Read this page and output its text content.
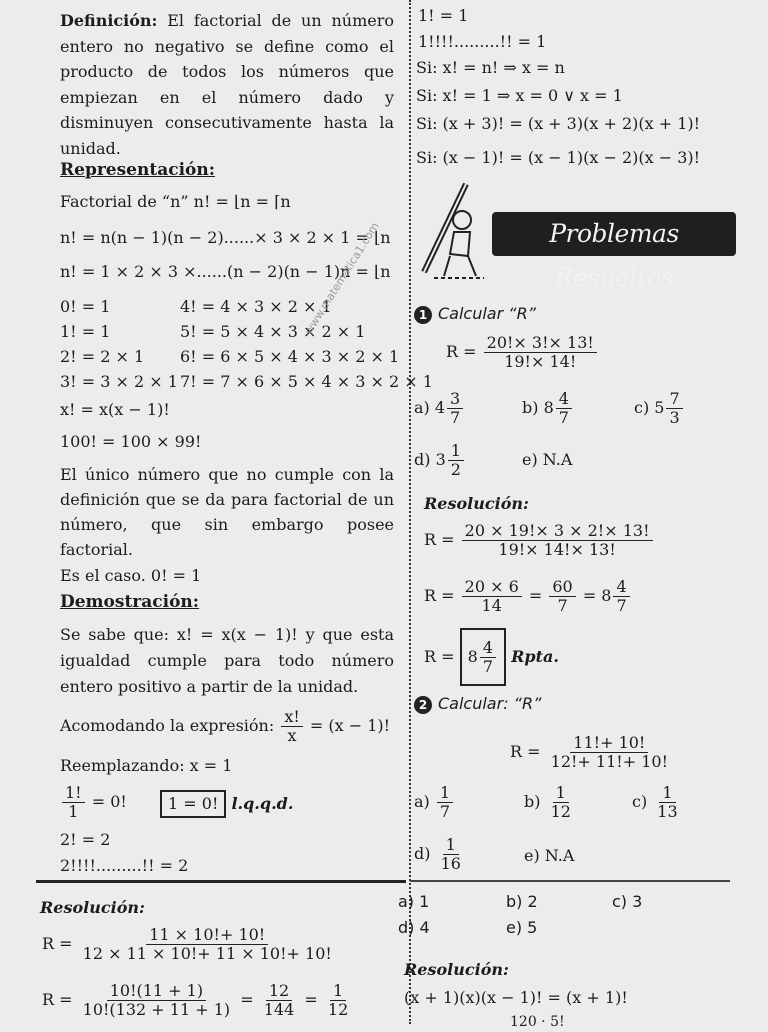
Definición: El factorial de un número entero no negativo se define como el producto de todos los números que empiezan en el número dado y disminuyen consecutivamente hasta la
unidad.
Representación:
Factorial de “n” n! = ⌊n = ⌈n
n! = n(n − 1)(n − 2)......× 3 × 2 × 1 = ⌊n
n! = 1 × 2 × 3 ×......(n − 2)(n − 1)n = ⌊n
0! = 1
1! = 1
2! = 2 × 1
3! = 3 × 2 × 1
4! = 4 × 3 × 2 × 1
5! = 5 × 4 × 3 × 2 × 1
6! = 6 × 5 × 4 × 3 × 2 × 1
7! = 7 × 6 × 5 × 4 × 3 × 2 × 1
x! = x(x − 1)!
100! = 100 × 99!
El único número que no cumple con la definición que se da para factorial de un número, que sin embargo posee
factorial.
Es el caso. 0! = 1
Demostración:
Se sabe que: x! = x(x − 1)! y que esta igualdad cumple para todo número
entero positivo a partir de la unidad.
Acomodando la expresión: $\frac{x!}{x} = (x - 1)$!
Reemplazando: x = 1
$\frac{1!}{1} = 0$!	1 = 0! l.q.q.d.
2! = 2
2!!!!.........!! = 2
www.matematica1.com
1! = 1
1!!!!.........!! = 1
Si: x! = n! ⇒ x = n
Si: x! = 1 ⇒ x = 0 ∨ x = 1
Si: (x + 3)! = (x + 3)(x + 2)(x + 1)!
Si: (x − 1)! = (x − 1)(x − 2)(x − 3)!
Problemas Resueltos
1 Calcular “R”
$R = \frac{20!\times 3!\times 13!}{19!\times 14!}$
a) $4 \frac{3}{7}$	b) $8 \frac{4}{7}$	c) $5 \frac{7}{3}$
d) $3 \frac{1}{2}$	e) N.A
Resolución:
$R = \frac{20 \times 19!\times 3 \times 2!\times 13!}{19!\times 14!\times 13!}$
$R = \frac{20 \times 6}{14} = \frac{60}{7} = 8 \frac{4}{7}$
$R = 8 \frac{4}{7}$ Rpta.
2 Calcular: “R”
$R = \frac{11!+ 10!}{12!+ 11!+ 10!}$
$a) \frac{1}{7}$	$b) \frac{1}{12}$	$c) \frac{1}{13}$
$d) \frac{1}{16}$	e) N.A
Resolución:
$R = \frac{11 \times 10!+ 10!}{12 \times 11 \times 10!+ 11 \times 10!+ 10!}$
$R = \frac{10!(11 + 1)}{10!(132 + 11 + 1)} = \frac{12}{144} = \frac{1}{12}$
a) 1	b) 2	c) 3
d) 4	e) 5
Resolución:
(x + 1)(x)(x − 1)! = (x + 1)!
120 · 5!
